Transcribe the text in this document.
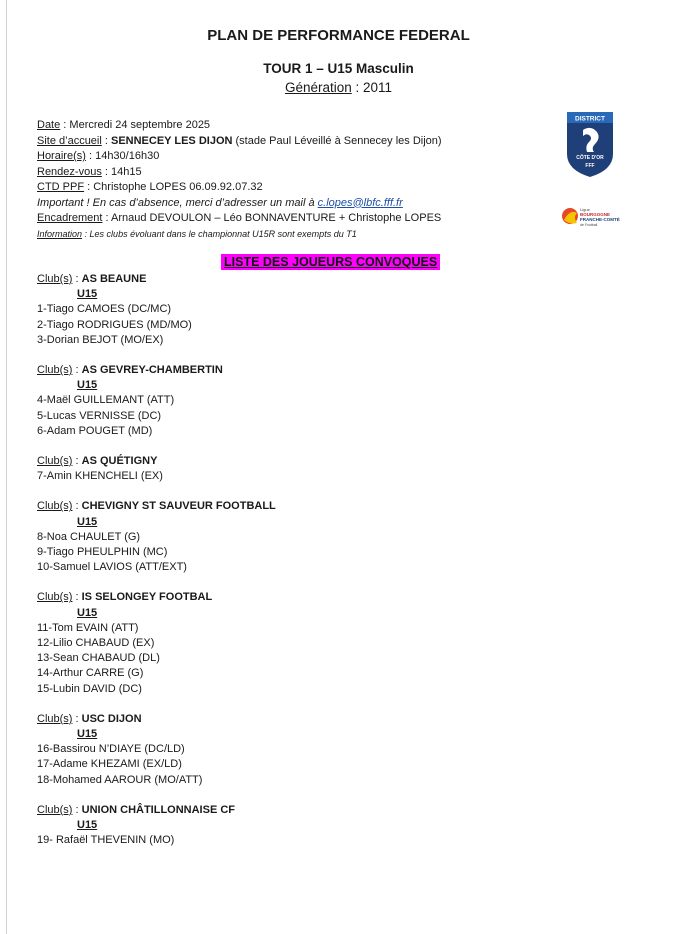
PLAN DE PERFORMANCE FEDERAL
TOUR 1 – U15 Masculin
Génération : 2011
Date : Mercredi 24 septembre 2025
Site d’accueil : SENNECEY LES DIJON (stade Paul Léveillé à Sennecey les Dijon)
Horaire(s) : 14h30/16h30
Rendez-vous : 14h15
CTD PPF : Christophe LOPES 06.09.92.07.32
Important ! En cas d’absence, merci d’adresser un mail à c.lopes@lbfc.fff.fr
Encadrement : Arnaud DEVOULON – Léo BONNAVENTURE + Christophe LOPES
Information : Les clubs évoluant dans le championnat U15R sont exempts du T1
DISTRICT
CÔTE D'OR
FFF
Ligue
BOURGOGNE
FRANCHE-COMTÉ
de Football
LISTE DES JOUEURS CONVOQUES
Club(s) : AS BEAUNE
U15
1-Tiago CAMOES (DC/MC)
2-Tiago RODRIGUES (MD/MO)
3-Dorian BEJOT (MO/EX)
Club(s) : AS GEVREY-CHAMBERTIN
U15
4-Maël GUILLEMANT (ATT)
5-Lucas VERNISSE (DC)
6-Adam POUGET (MD)
Club(s) : AS QUÉTIGNY
7-Amin KHENCHELI (EX)
Club(s) : CHEVIGNY ST SAUVEUR FOOTBALL
U15
8-Noa CHAULET (G)
9-Tiago PHEULPHIN (MC)
10-Samuel LAVIOS (ATT/EXT)
Club(s) : IS SELONGEY FOOTBAL
U15
11-Tom EVAIN (ATT)
12-Lilio CHABAUD (EX)
13-Sean CHABAUD (DL)
14-Arthur CARRE (G)
15-Lubin DAVID (DC)
Club(s) : USC DIJON
U15
16-Bassirou N’DIAYE (DC/LD)
17-Adame KHEZAMI (EX/LD)
18-Mohamed AAROUR (MO/ATT)
Club(s) : UNION CHÂTILLONNAISE CF
U15
19- Rafaël THEVENIN (MO)
